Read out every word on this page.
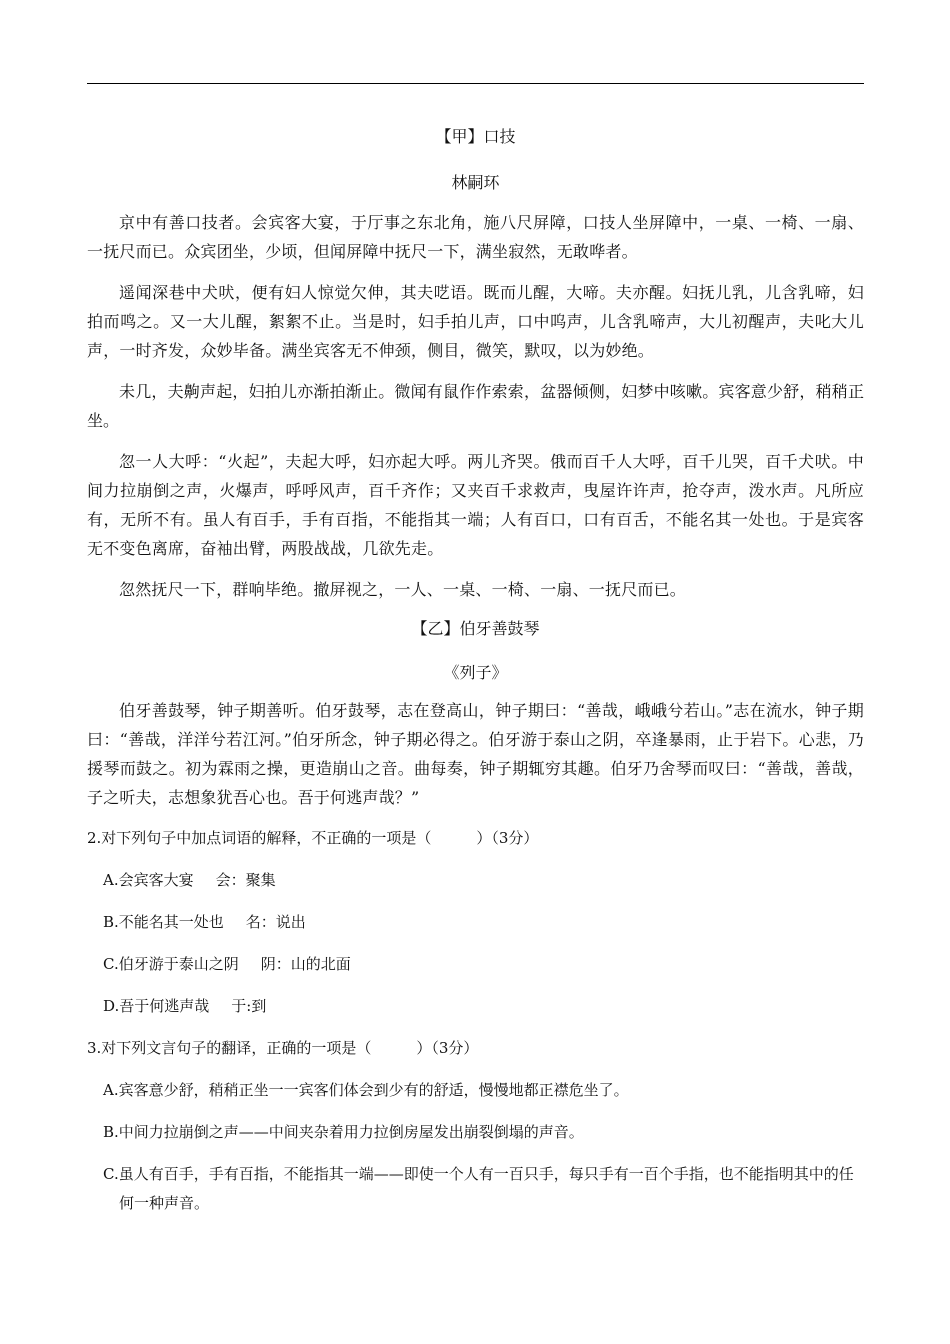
【甲】口技

林嗣环

京中有善口技者。会宾客大宴，于厅事之东北角，施八尺屏障，口技人坐屏障中，一桌、一椅、一扇、一抚尺而已。众宾团坐，少顷，但闻屏障中抚尺一下，满坐寂然，无敢哗者。

遥闻深巷中犬吠，便有妇人惊觉欠伸，其夫呓语。既而儿醒，大啼。夫亦醒。妇抚儿乳，儿含乳啼，妇拍而鸣之。又一大儿醒，絮絮不止。当是时，妇手拍儿声，口中呜声，儿含乳啼声，大儿初醒声，夫叱大儿声，一时齐发，众妙毕备。满坐宾客无不伸颈，侧目，微笑，默叹，以为妙绝。

未几，夫齁声起，妇拍儿亦渐拍渐止。微闻有鼠作作索索，盆器倾侧，妇梦中咳嗽。宾客意少舒，稍稍正坐。

忽一人大呼：“火起”，夫起大呼，妇亦起大呼。两儿齐哭。俄而百千人大呼，百千儿哭，百千犬吠。中间力拉崩倒之声，火爆声，呼呼风声，百千齐作；又夹百千求救声，曳屋许许声，抢夺声，泼水声。凡所应有，无所不有。虽人有百手，手有百指，不能指其一端；人有百口，口有百舌，不能名其一处也。于是宾客无不变色离席，奋袖出臂，两股战战，几欲先走。

忽然抚尺一下，群响毕绝。撤屏视之，一人、一桌、一椅、一扇、一抚尺而已。

【乙】伯牙善鼓琴

《列子》

伯牙善鼓琴，钟子期善听。伯牙鼓琴，志在登高山，钟子期曰：“善哉，峨峨兮若山。”志在流水，钟子期曰：“善哉，洋洋兮若江河。”伯牙所念，钟子期必得之。伯牙游于泰山之阴，卒逢暴雨，止于岩下。心悲，乃援琴而鼓之。初为霖雨之操，更造崩山之音。曲每奏，钟子期辄穷其趣。伯牙乃舍琴而叹曰：“善哉，善哉，子之听夫，志想象犹吾心也。吾于何逃声哉？”

2.对下列句子中加点词语的解释，不正确的一项是（　　　）（3分）

A.会宾客大宴 会：聚集

B.不能名其一处也 名：说出

C.伯牙游于泰山之阴 阴：山的北面

D.吾于何逃声哉 于:到

3.对下列文言句子的翻译，正确的一项是（　　　）（3分）

A.宾客意少舒，稍稍正坐一一宾客们体会到少有的舒适，慢慢地都正襟危坐了。

B.中间力拉崩倒之声——中间夹杂着用力拉倒房屋发出崩裂倒塌的声音。

C.虽人有百手，手有百指，不能指其一端——即使一个人有一百只手，每只手有一百个手指，也不能指明其中的任何一种声音。
